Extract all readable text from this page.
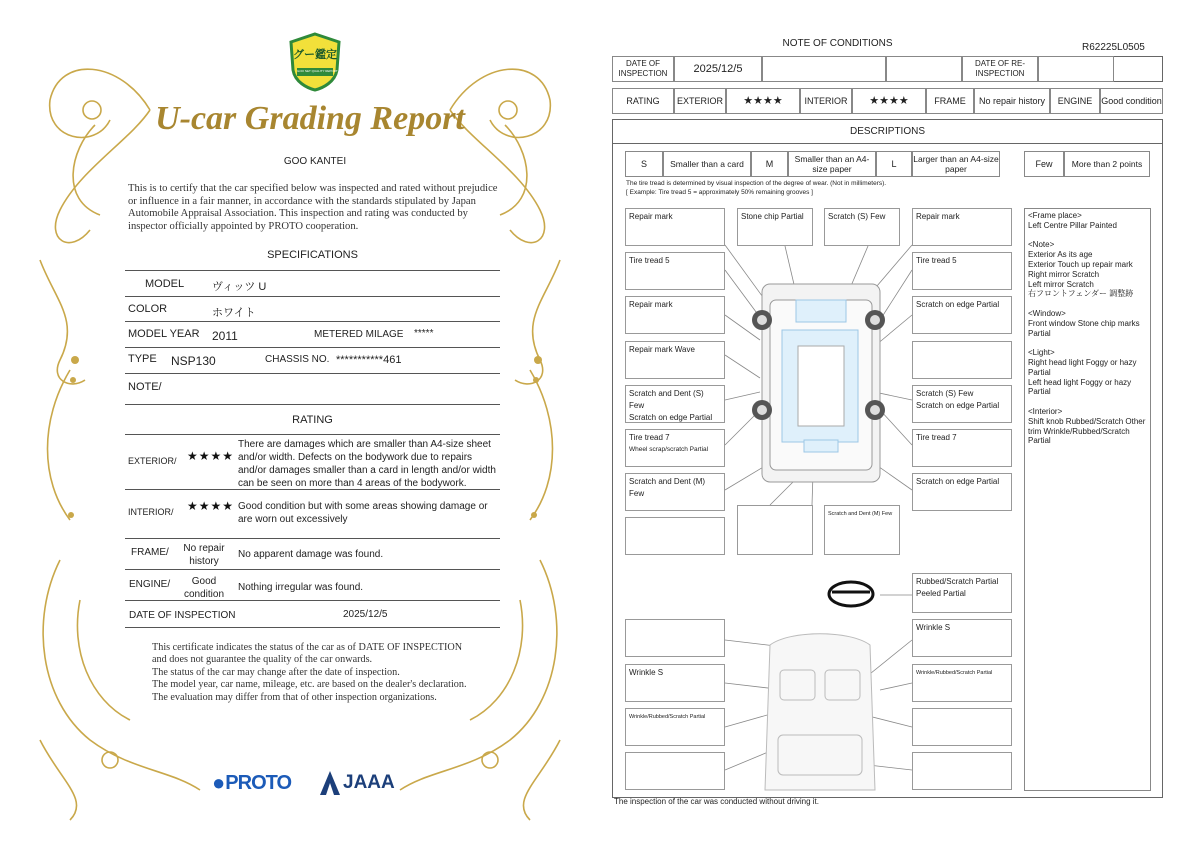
グー鑑定
GOO NET QUALITY REPORT
U-car Grading Report
GOO KANTEI
This is to certify that the car specified below was inspected and rated without prejudice or influence in a fair manner, in accordance with the standards stipulated by Japan Automobile Appraisal Association. This inspection and rating was conducted by inspector officially appointed by PROTO cooperation.
SPECIFICATIONS
MODEL	ヴィッツ U
COLOR	ホワイト
MODEL YEAR 2011	METERED MILAGE *****
TYPE NSP130	CHASSIS NO. ***********461
NOTE/
RATING
EXTERIOR/ ★★★★
There are damages which are smaller than A4-size sheet and/or width. Defects on the bodywork due to repairs and/or damages smaller than a card in length and/or width can be seen on more than 4 areas of the bodywork.
INTERIOR/ ★★★★ Good condition but with some areas showing damage or are worn out excessively
FRAME/	No repair history
No apparent damage was found.
ENGINE/	Good condition
Nothing irregular was found.
DATE OF INSPECTION	2025/12/5
This certificate indicates the status of the car as of DATE OF INSPECTION and does not guarantee the quality of the car onwards.
The status of the car may change after the date of inspection.
The model year, car name, mileage, etc. are based on the dealer's declaration.
The evaluation may differ from that of other inspection organizations.
● PROTO	JAAA
NOTE OF CONDITIONS	R62225L0505
DATE OF INSPECTION	2025/12/5	DATE OF RE-INSPECTION
RATING	EXTERIOR	★★★★	INTERIOR	★★★★	FRAME	No repair history	ENGINE Good condition
DESCRIPTIONS
S	Smaller than a card	M	Smaller than an A4-size paper	L	Larger than an A4-size paper	Few	More than 2 points
The tire tread is determined by visual inspection of the degree of wear. (Not in millimeters).
[ Example: Tire tread 5 = approximately 50% remaining grooves ]
Repair mark
Tire tread 5
Repair mark
Repair mark Wave
Scratch and Dent (S) Few
Scratch on edge Partial
Tire tread 7
Wheel scrap/scratch Partial
Scratch and Dent (M) Few
Stone chip Partial	Scratch (S) Few
Scratch and Dent (M) Few
Repair mark
Tire tread 5
Scratch on edge Partial
Scratch (S) Few
Scratch on edge Partial
Tire tread 7
Scratch on edge Partial
Rubbed/Scratch Partial
Peeled Partial
Wrinkle S
Wrinkle S	Wrinkle/Rubbed/Scratch Partial
Wrinkle/Rubbed/Scratch Partial
<Frame place>
Left Centre Pillar Painted

<Note>
Exterior As its age
Exterior Touch up repair mark
Right mirror Scratch
Left mirror Scratch
右フロントフェンダー 調整跡

<Window>
Front window Stone chip marks Partial

<Light>
Right head light Foggy or hazy Partial
Left head light Foggy or hazy Partial

<Interior>
Shift knob Rubbed/Scratch Other trim Wrinkle/Rubbed/Scratch Partial
The inspection of the car was conducted without driving it.
